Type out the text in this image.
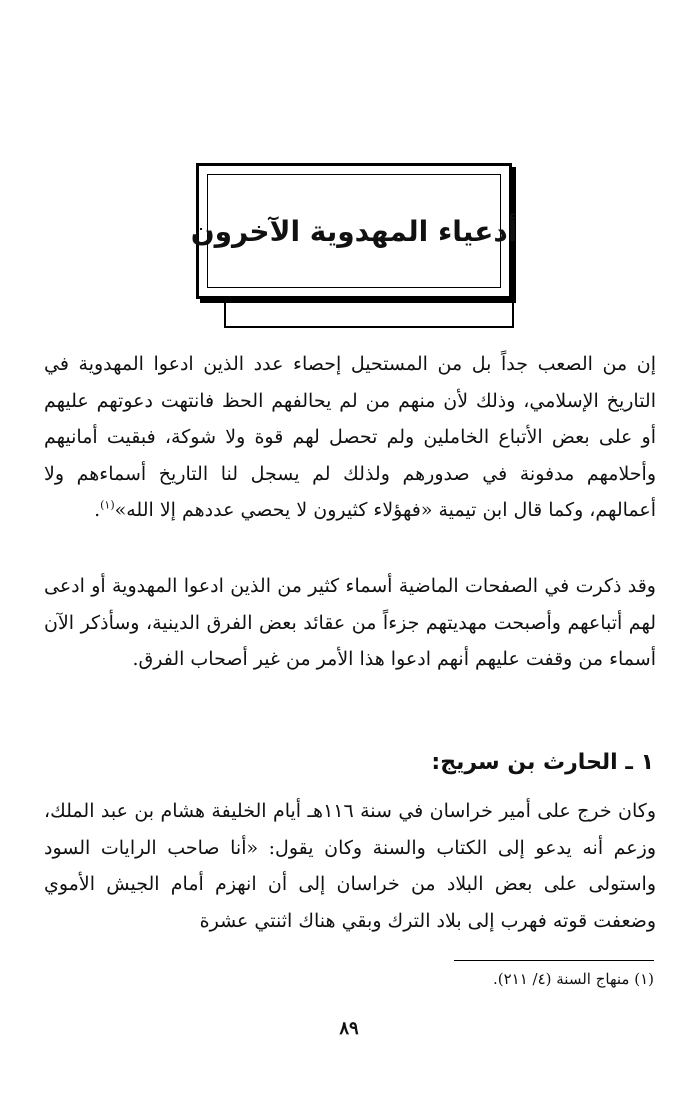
أدعياء المهدوية الآخرون
إن من الصعب جداً بل من المستحيل إحصاء عدد الذين ادعوا المهدوية في التاريخ الإسلامي، وذلك لأن منهم من لم يحالفهم الحظ فانتهت دعوتهم عليهم أو على بعض الأتباع الخاملين ولم تحصل لهم قوة ولا شوكة، فبقيت أمانيهم وأحلامهم مدفونة في صدورهم ولذلك لم يسجل لنا التاريخ أسماءهم ولا أعمالهم، وكما قال ابن تيمية «فهؤلاء كثيرون لا يحصي عددهم إلا الله»$^{(١)}$.
وقد ذكرت في الصفحات الماضية أسماء كثير من الذين ادعوا المهدوية أو ادعى لهم أتباعهم وأصبحت مهديتهم جزءاً من عقائد بعض الفرق الدينية، وسأذكر الآن أسماء من وقفت عليهم أنهم ادعوا هذا الأمر من غير أصحاب الفرق.
١ ـ الحارث بن سريج:
وكان خرج على أمير خراسان في سنة ١١٦هـ أيام الخليفة هشام بن عبد الملك، وزعم أنه يدعو إلى الكتاب والسنة وكان يقول: «أنا صاحب الرايات السود واستولى على بعض البلاد من خراسان إلى أن انهزم أمام الجيش الأموي وضعفت قوته فهرب إلى بلاد الترك وبقي هناك اثنتي عشرة
(١) منهاج السنة (٤/ ٢١١).
٨٩
